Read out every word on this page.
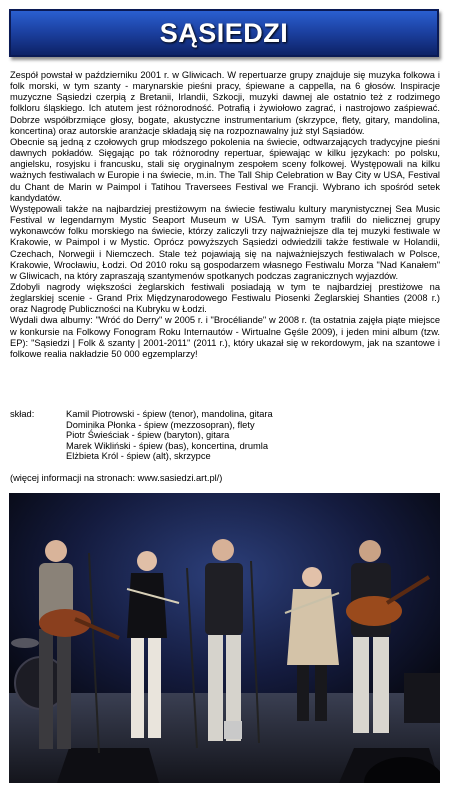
SĄSIEDZI

Zespół powstał w październiku 2001 r. w Gliwicach. W repertuarze grupy znajduje się muzyka folkowa i folk morski, w tym szanty - marynarskie pieśni pracy, śpiewane a cappella, na 6 głosów. Inspiracje muzyczne Sąsiedzi czerpią z Bretanii, Irlandii, Szkocji, muzyki dawnej ale ostatnio też z rodzimego folkloru śląskiego. Ich atutem jest różnorodność. Potrafią i żywiołowo zagrać, i nastrojowo zaśpiewać. Dobrze współbrzmiące głosy, bogate, akustyczne instrumentarium (skrzypce, flety, gitary, mandolina, koncertina) oraz autorskie aranżacje składają się na rozpoznawalny już styl Sąsiadów.

Obecnie są jedną z czołowych grup młodszego pokolenia na świecie, odtwarzających tradycyjne pieśni dawnych pokładów. Sięgając po tak różnorodny repertuar, śpiewając w kilku językach: po polsku, angielsku, rosyjsku i francusku, stali się oryginalnym zespołem sceny folkowej. Występowali na kilku ważnych festiwalach w Europie i na świecie, m.in. The Tall Ship Celebration w Bay City w USA, Festival du Chant de Marin w Paimpol i Tatihou Traversees Festival we Francji. Wybrano ich spośród setek kandydatów.

Występowali także na najbardziej prestiżowym na świecie festiwalu kultury marynistycznej Sea Music Festival w legendarnym Mystic Seaport Museum w USA. Tym samym trafili do nielicznej grupy wykonawców folku morskiego na świecie, którzy zaliczyli trzy najważniejsze dla tej muzyki festiwale w Krakowie, w Paimpol i w Mystic. Oprócz powyższych Sąsiedzi odwiedzili także festiwale w Holandii, Czechach, Norwegii i Niemczech. Stale też pojawiają się na najważniejszych festiwalach w Polsce, Krakowie, Wrocławiu, Łodzi. Od 2010 roku są gospodarzem własnego Festiwalu Morza "Nad Kanałem" w Gliwicach, na który zapraszają szantymenów spotkanych podczas zagranicznych wyjazdów.

Zdobyli nagrody większości żeglarskich festiwali posiadają w tym te najbardziej prestiżowe na żeglarskiej scenie - Grand Prix Międzynarodowego Festiwalu Piosenki Żeglarskiej Shanties (2008 r.) oraz Nagrodę Publiczności na Kubryku w Łodzi.

Wydali dwa albumy: "Wróć do Derry" w 2005 r. i "Brocéliande" w 2008 r. (ta ostatnia zajęła piąte miejsce w konkursie na Folkowy Fonogram Roku Internautów - Wirtualne Gęśle 2009), i jeden mini album (tzw. EP): "Sąsiedzi | Folk & szanty | 2001-2011" (2011 r.), który ukazał się w rekordowym, jak na szantowe i folkowe realia nakładzie 50 000 egzemplarzy!

skład:	Kamil Piotrowski - śpiew (tenor), mandolina, gitara
Dominika Płonka - śpiew (mezzosopran), flety
Piotr Świeściak - śpiew (baryton), gitara
Marek Wikliński - śpiew (bas), koncertina, drumla
Elżbieta Król - śpiew (alt), skrzypce
(więcej informacji na stronach: www.sasiedzi.art.pl/)
